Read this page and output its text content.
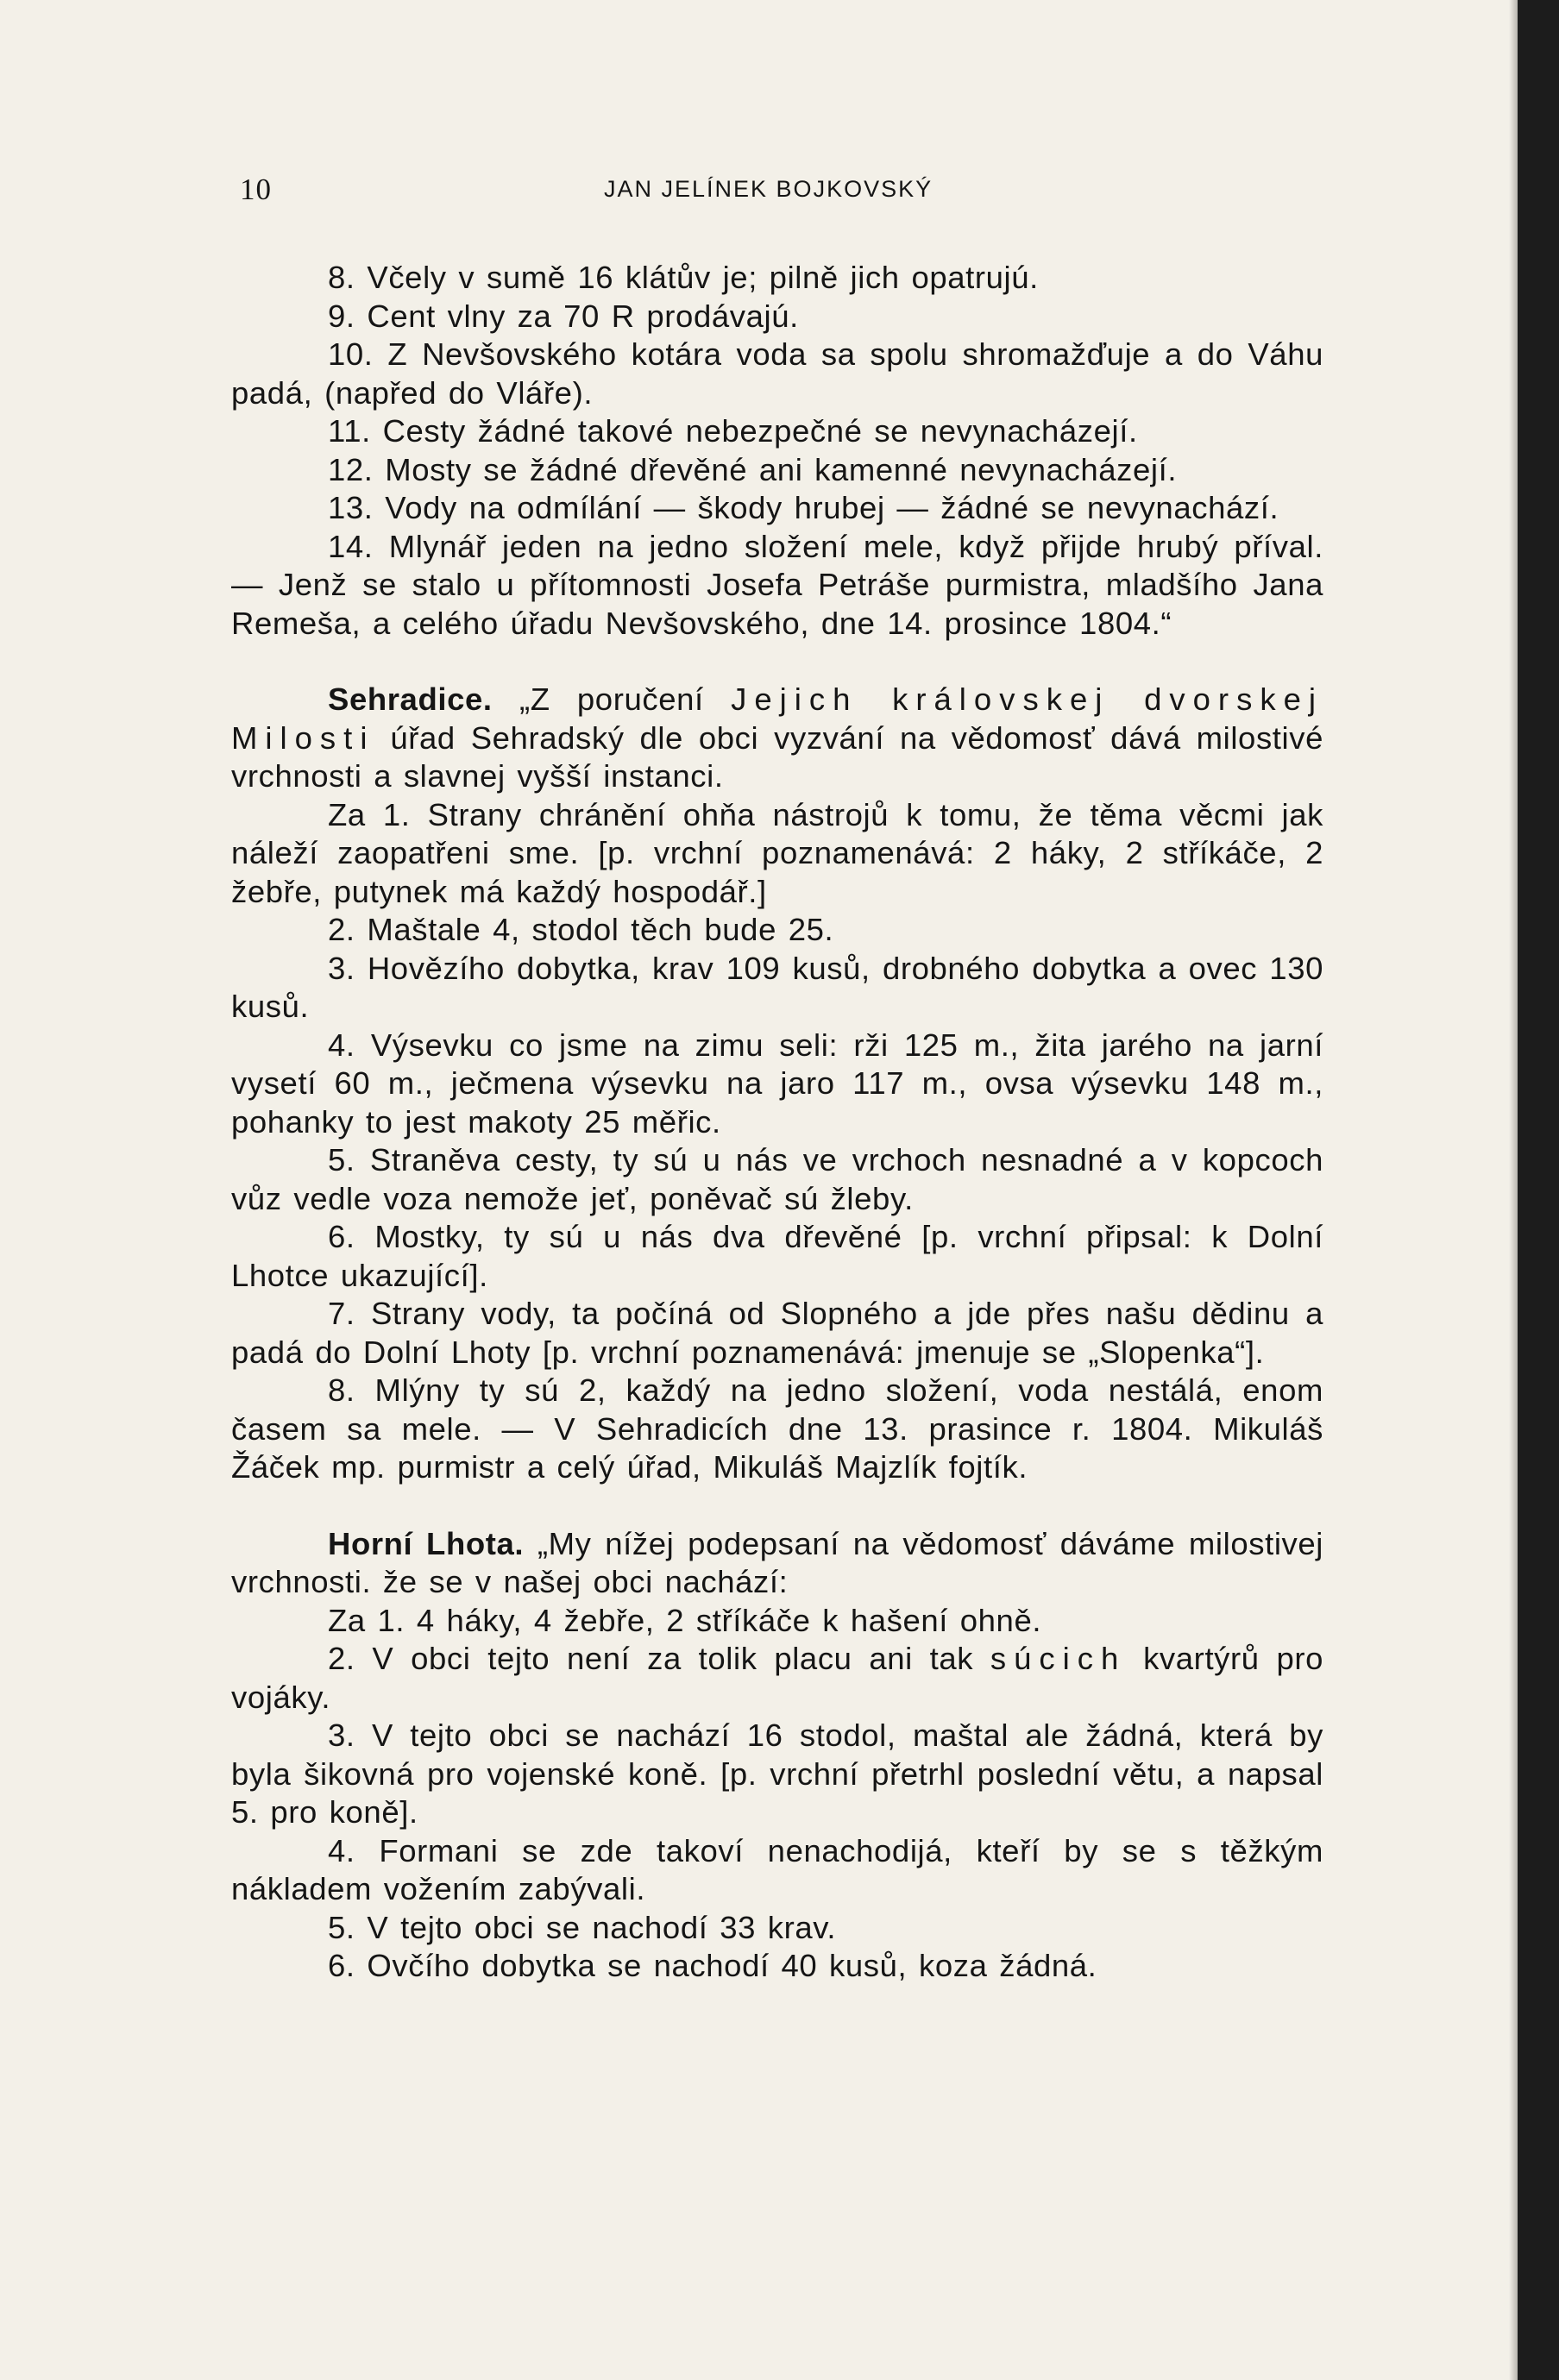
10	JAN JELÍNEK BOJKOVSKÝ

8. Včely v sumě 16 klátův je; pilně jich opatrujú.

9. Cent vlny za 70 R prodávajú.

10. Z Nevšovského kotára voda sa spolu shromažďuje a do Váhu padá, (napřed do Vláře).

11. Cesty žádné takové nebezpečné se nevynacházejí.

12. Mosty se žádné dřevěné ani kamenné nevynacházejí.

13. Vody na odmílání — škody hrubej — žádné se nevynachází.

14. Mlynář jeden na jedno složení mele, když přijde hrubý příval. — Jenž se stalo u přítomnosti Josefa Petráše purmistra, mladšího Jana Remeša, a celého úřadu Nevšovského, dne 14. prosince 1804.“

Sehradice. „Z poručení Jejich královskej dvorskej Milosti úřad Sehradský dle obci vyzvání na vědomosť dává milostivé vrchnosti a slavnej vyšší instanci.

Za 1. Strany chránění ohňa nástrojů k tomu, že těma věcmi jak náleží zaopatřeni sme. [p. vrchní poznamenává: 2 háky, 2 stříkáče, 2 žebře, putynek má každý hospodář.]

2. Maštale 4, stodol těch bude 25.

3. Hovězího dobytka, krav 109 kusů, drobného dobytka a ovec 130 kusů.

4. Výsevku co jsme na zimu seli: rži 125 m., žita jarého na jarní vysetí 60 m., ječmena výsevku na jaro 117 m., ovsa výsevku 148 m., pohanky to jest makoty 25 měřic.

5. Straněva cesty, ty sú u nás ve vrchoch nesnadné a v kopcoch vůz vedle voza nemože jeť, poněvač sú žleby.

6. Mostky, ty sú u nás dva dřevěné [p. vrchní připsal: k Dolní Lhotce ukazující].

7. Strany vody, ta počíná od Slopného a jde přes našu dědinu a padá do Dolní Lhoty [p. vrchní poznamenává: jmenuje se „Slopenka“].

8. Mlýny ty sú 2, každý na jedno složení, voda nestálá, enom časem sa mele. — V Sehradicích dne 13. prasince r. 1804. Mikuláš Žáček mp. purmistr a celý úřad, Mikuláš Majzlík fojtík.

Horní Lhota. „My nížej podepsaní na vědomosť dáváme milostivej vrchnosti. že se v našej obci nachází:

Za 1. 4 háky, 4 žebře, 2 stříkáče k hašení ohně.

2. V obci tejto není za tolik placu ani tak súcich kvartýrů pro vojáky.

3. V tejto obci se nachází 16 stodol, maštal ale žádná, která by byla šikovná pro vojenské koně. [p. vrchní přetrhl poslední větu, a napsal 5. pro koně].

4. Formani se zde takoví nenachodijá, kteří by se s těžkým nákladem vožením zabývali.

5. V tejto obci se nachodí 33 krav.

6. Ovčího dobytka se nachodí 40 kusů, koza žádná.
